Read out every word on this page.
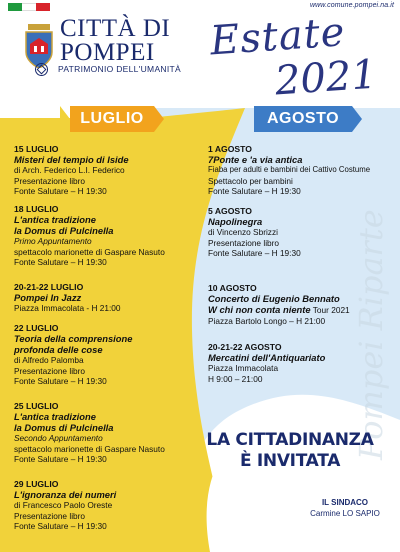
www.comune.pompei.na.it
CITTÀ DI
POMPEI
PATRIMONIO DELL'UMANITÀ
Estate
2021
LUGLIO	AGOSTO
Pompei Riparte
15 LUGLIO
Misteri del tempio di Iside
di Arch. Federico L.I. Federico
Presentazione libro
Fonte Salutare – H 19:30
18 LUGLIO
L'antica tradizione
la Domus di Pulcinella
Primo Appuntamento
spettacolo marionette di Gaspare Nasuto
Fonte Salutare – H 19:30
20-21-22 LUGLIO
Pompei In Jazz
Piazza Immacolata - H 21:00
22 LUGLIO
Teoria della comprensione
profonda delle cose
di Alfredo Palomba
Presentazione libro
Fonte Salutare – H 19:30
25 LUGLIO
L'antica tradizione
la Domus di Pulcinella
Secondo Appuntamento
spettacolo marionette di Gaspare Nasuto
Fonte Salutare – H 19:30
29 LUGLIO
L'ignoranza dei numeri
di Francesco Paolo Oreste
Presentazione libro
Fonte Salutare – H 19:30
1 AGOSTO
7Ponte e 'a via antica
Fiaba per adulti e bambini dei Cattivo Costume
Spettacolo per bambini
Fonte Salutare – H 19:30
5 AGOSTO
Napolinegra
di Vincenzo Sbrizzi
Presentazione libro
Fonte Salutare – H 19:30
10 AGOSTO
Concerto di Eugenio Bennato
W chi non conta niente Tour 2021
Piazza Bartolo Longo – H 21:00
20-21-22 AGOSTO
Mercatini dell'Antiquariato
Piazza Immacolata
H 9:00 – 21:00
LA CITTADINANZA
È INVITATA
IL SINDACO
Carmine LO SAPIO
